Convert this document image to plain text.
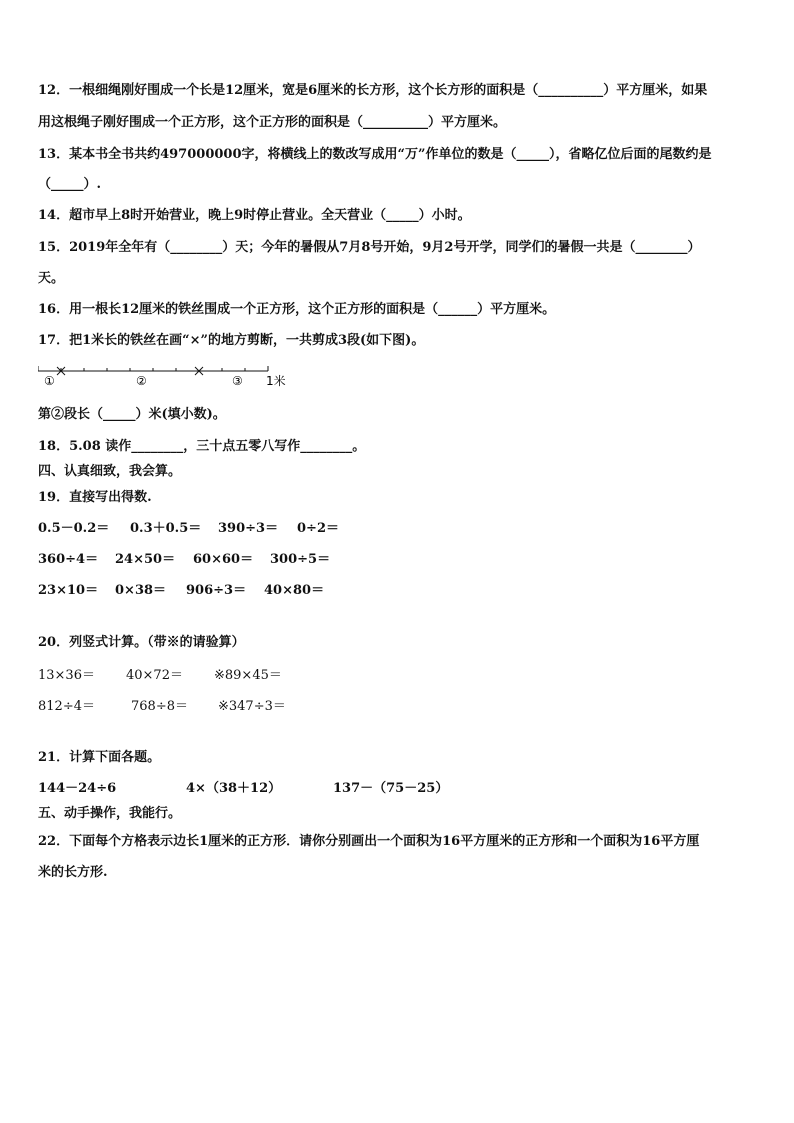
12．一根细绳刚好围成一个长是12厘米，宽是6厘米的长方形，这个长方形的面积是（__________）平方厘米，如果
用这根绳子刚好围成一个正方形，这个正方形的面积是（__________）平方厘米。
13．某本书全书共约497000000字，将横线上的数改写成用“万”作单位的数是（_____），省略亿位后面的尾数约是
（_____）.
14．超市早上8时开始营业，晚上9时停止营业。全天营业（_____）小时。
15．2019年全年有（________）天；今年的暑假从7月8号开始，9月2号开学，同学们的暑假一共是（________）
天。
16．用一根长12厘米的铁丝围成一个正方形，这个正方形的面积是（______）平方厘米。
17．把1米长的铁丝在画“×”的地方剪断，一共剪成3段(如下图)。
①	②	③ 1米
第②段长（_____）米(填小数)。
18．5.08 读作________，三十点五零八写作________。
四、认真细致，我会算。
19．直接写出得数.
0.5－0.2＝ 0.3＋0.5＝ 390÷3＝ 0÷2＝
360÷4＝ 24×50＝ 60×60＝ 300÷5＝
23×10＝ 0×38＝ 906÷3＝ 40×80＝
20．列竖式计算。（带※的请验算）
13×36＝ 40×72＝ ※89×45＝
812÷4＝	768÷8＝ ※347÷3＝
21．计算下面各题。
144－24÷6	4×（38＋12）	137－（75－25）
五、动手操作，我能行。
22．下面每个方格表示边长1厘米的正方形．请你分别画出一个面积为16平方厘米的正方形和一个面积为16平方厘
米的长方形.
